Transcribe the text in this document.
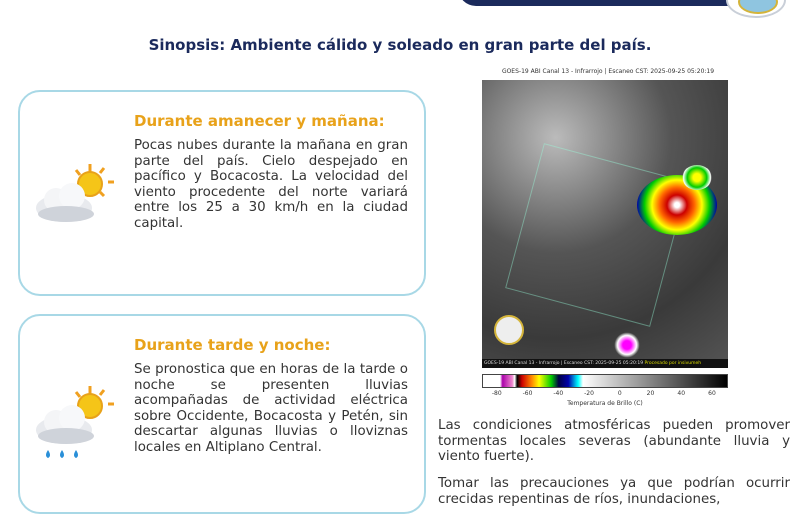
Sinopsis: Ambiente cálido y soleado en gran parte del país.
Durante amanecer y mañana:

Pocas nubes durante la mañana en gran parte del país. Cielo despejado en pacífico y Bocacosta. La velocidad del viento procedente del norte variará entre los 25 a 30 km/h en la ciudad capital.

Durante tarde y noche:

Se pronostica que en horas de la tarde o noche se presenten lluvias acompañadas de actividad eléctrica sobre Occidente, Bocacosta y Petén, sin descartar algunas lluvias o lloviznas locales en Altiplano Central.

GOES-19 ABI Canal 13 - Infrarrojo | Escaneo CST: 2025-09-25 05:20:19
GOES-19 ABI Canal 13 - Infrarrojo | Escaneo CST: 2025-09-25 05:20:19 Procesado por insivumeh
-80	-60	-40	-20	0	20	40	60
Temperatura de Brillo (C)

Las condiciones atmosféricas pueden promover tormentas locales severas (abundante lluvia y viento fuerte).

Tomar las precauciones ya que podrían ocurrir crecidas repentinas de ríos, inundaciones,
